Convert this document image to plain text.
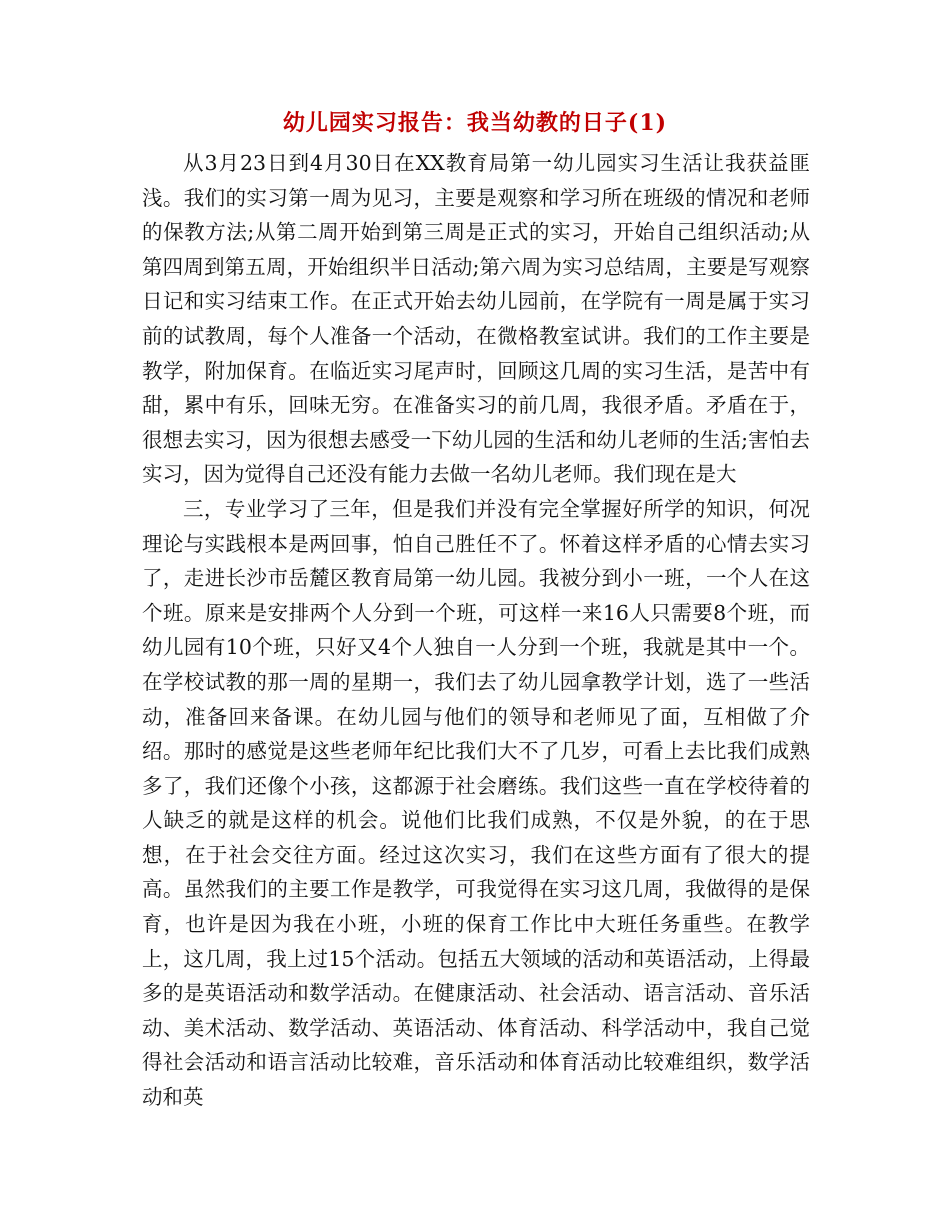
幼儿园实习报告：我当幼教的日子(1)

从3月23日到4月30日在XX教育局第一幼儿园实习生活让我获益匪浅。我们的实习第一周为见习，主要是观察和学习所在班级的情况和老师的保教方法;从第二周开始到第三周是正式的实习，开始自己组织活动;从第四周到第五周，开始组织半日活动;第六周为实习总结周，主要是写观察日记和实习结束工作。在正式开始去幼儿园前，在学院有一周是属于实习前的试教周，每个人准备一个活动，在微格教室试讲。我们的工作主要是教学，附加保育。在临近实习尾声时，回顾这几周的实习生活，是苦中有甜，累中有乐，回味无穷。在准备实习的前几周，我很矛盾。矛盾在于，很想去实习，因为很想去感受一下幼儿园的生活和幼儿老师的生活;害怕去实习，因为觉得自己还没有能力去做一名幼儿老师。我们现在是大

三，专业学习了三年，但是我们并没有完全掌握好所学的知识，何况理论与实践根本是两回事，怕自己胜任不了。怀着这样矛盾的心情去实习了，走进长沙市岳麓区教育局第一幼儿园。我被分到小一班，一个人在这个班。原来是安排两个人分到一个班，可这样一来16人只需要8个班，而幼儿园有10个班，只好又4个人独自一人分到一个班，我就是其中一个。在学校试教的那一周的星期一，我们去了幼儿园拿教学计划，选了一些活动，准备回来备课。在幼儿园与他们的领导和老师见了面，互相做了介绍。那时的感觉是这些老师年纪比我们大不了几岁，可看上去比我们成熟多了，我们还像个小孩，这都源于社会磨练。我们这些一直在学校待着的人缺乏的就是这样的机会。说他们比我们成熟，不仅是外貌，的在于思想，在于社会交往方面。经过这次实习，我们在这些方面有了很大的提高。虽然我们的主要工作是教学，可我觉得在实习这几周，我做得的是保育，也许是因为我在小班，小班的保育工作比中大班任务重些。在教学上，这几周，我上过15个活动。包括五大领域的活动和英语活动，上得最多的是英语活动和数学活动。在健康活动、社会活动、语言活动、音乐活动、美术活动、数学活动、英语活动、体育活动、科学活动中，我自己觉得社会活动和语言活动比较难，音乐活动和体育活动比较难组织，数学活动和英
